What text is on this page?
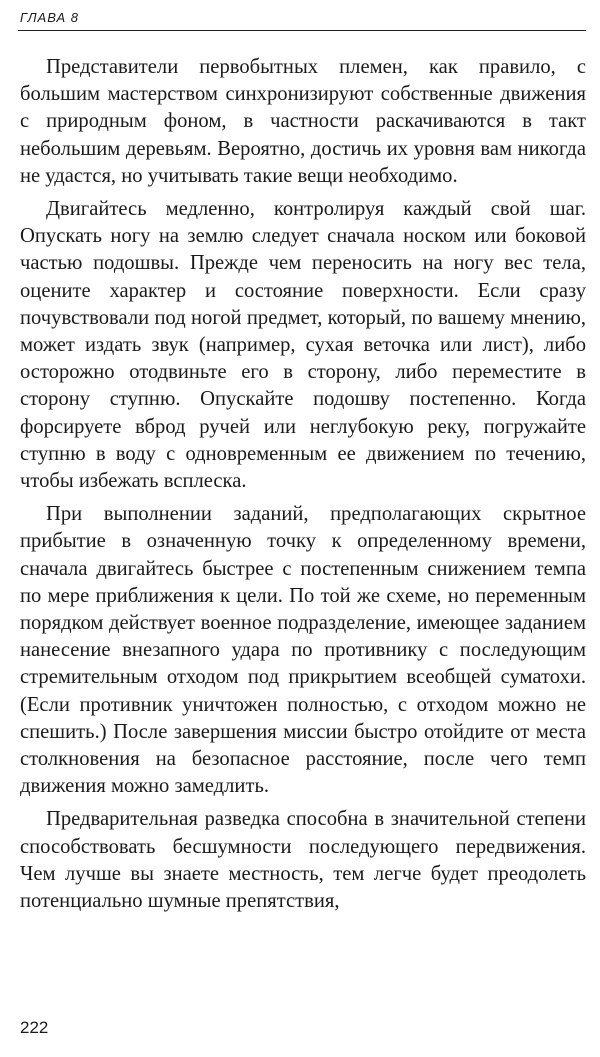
ГЛАВА 8

Представители первобытных племен, как правило, с большим мастерством синхронизируют собственные движения с природным фоном, в частности раскачиваются в такт небольшим деревьям. Вероятно, достичь их уровня вам никогда не удастся, но учитывать такие вещи необходимо.

Двигайтесь медленно, контролируя каждый свой шаг. Опускать ногу на землю следует сначала носком или боковой частью подошвы. Прежде чем переносить на ногу вес тела, оцените характер и состояние поверхности. Если сразу почувствовали под ногой предмет, который, по вашему мнению, может издать звук (например, сухая веточка или лист), либо осторожно отодвиньте его в сторону, либо переместите в сторону ступню. Опускайте подошву постепенно. Когда форсируете вброд ручей или неглубокую реку, погружайте ступню в воду с одновременным ее движением по течению, чтобы избежать всплеска.

При выполнении заданий, предполагающих скрытное прибытие в означенную точку к определенному времени, сначала двигайтесь быстрее с постепенным снижением темпа по мере приближения к цели. По той же схеме, но переменным порядком действует военное подразделение, имеющее заданием нанесение внезапного удара по противнику с последующим стремительным отходом под прикрытием всеобщей суматохи. (Если противник уничтожен полностью, с отходом можно не спешить.) После завершения миссии быстро отойдите от места столкновения на безопасное расстояние, после чего темп движения можно замедлить.

Предварительная разведка способна в значительной степени способствовать бесшумности последующего передвижения. Чем лучше вы знаете местность, тем легче будет преодолеть потенциально шумные препятствия,

222
